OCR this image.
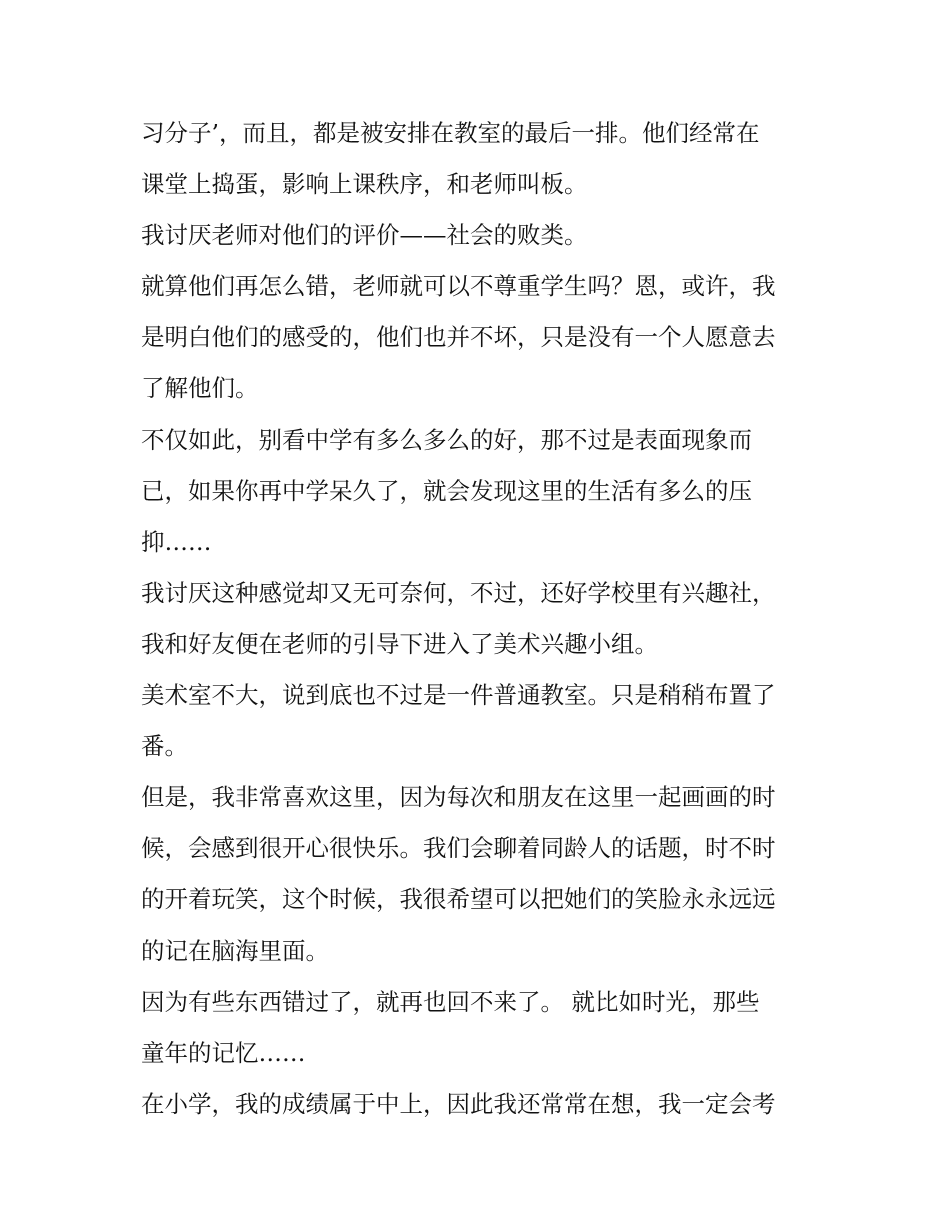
习分子’，而且，都是被安排在教室的最后一排。他们经常在
课堂上捣蛋，影响上课秩序，和老师叫板。
我讨厌老师对他们的评价——社会的败类。
就算他们再怎么错，老师就可以不尊重学生吗？恩，或许，我
是明白他们的感受的，他们也并不坏，只是没有一个人愿意去
了解他们。
不仅如此，别看中学有多么多么的好，那不过是表面现象而
已，如果你再中学呆久了，就会发现这里的生活有多么的压
抑……
我讨厌这种感觉却又无可奈何，不过，还好学校里有兴趣社，
我和好友便在老师的引导下进入了美术兴趣小组。
美术室不大，说到底也不过是一件普通教室。只是稍稍布置了
番。
但是，我非常喜欢这里，因为每次和朋友在这里一起画画的时
候，会感到很开心很快乐。我们会聊着同龄人的话题，时不时
的开着玩笑，这个时候，我很希望可以把她们的笑脸永永远远
的记在脑海里面。
因为有些东西错过了，就再也回不来了。 就比如时光，那些
童年的记忆……
在小学，我的成绩属于中上，因此我还常常在想，我一定会考
